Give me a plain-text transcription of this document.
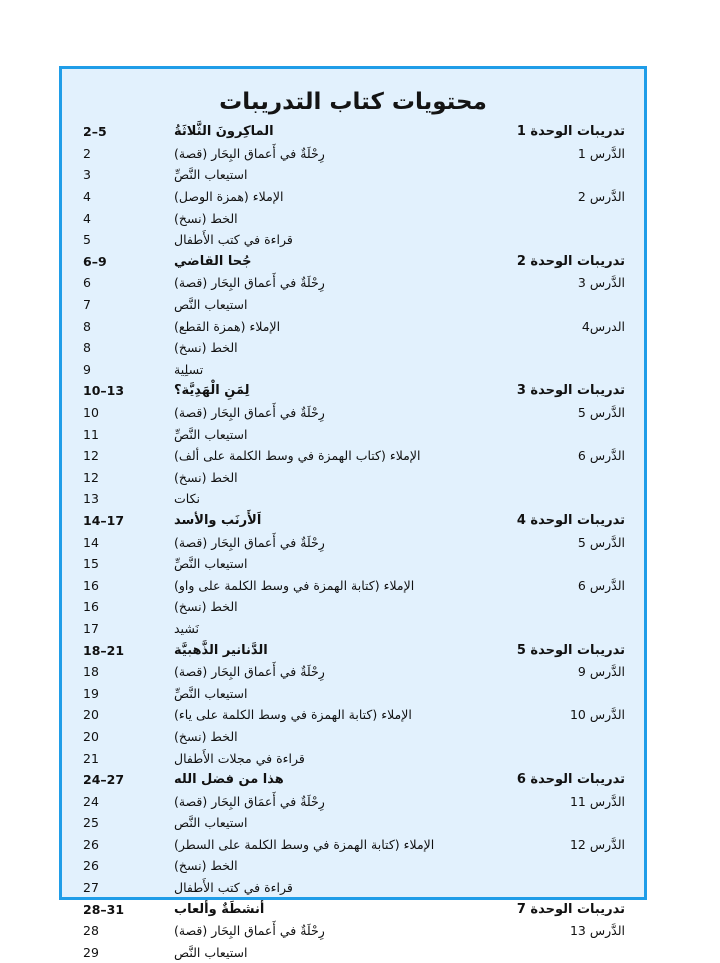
محتويات كتاب التدريبات
2–5	الماكِرونَ الثَّلاثَةُ	تدريبات الوحدة 1
2	رِحْلَةٌ في أَعماق البِحَار (قصة)	الدَّرس 1
3	استيعاب النَّصِّ
4	الإملاء (همزة الوصل)	الدَّرس 2
4	الخط (نسخ)
5	قراءة في كتب الأَطفال
6–9	جُحا القاضي	تدريبات الوحدة 2
6	رِحْلَةٌ في أَعماق البِحَار (قصة)	الدَّرس 3
7	استيعاب النَّص
8	الإملاء (همزة القطع)	الدرس4
8	الخط (نسخ)
9	تسلِية
10–13	لِمَنِ الْهَدِيَّة؟	تدريبات الوحدة 3
10	رِحْلَةٌ في أَعماق البِحَار (قصة)	الدَّرس 5
11	استيعاب النَّصِّ
12	الإملاء (كتاب الهمزة في وسط الكلمة على ألف)	الدَّرس 6
12	الخط (نسخ)
13	نكات
14–17	اَلأَرنَب والأسد	تدريبات الوحدة 4
14	رِحْلَةٌ في أَعماق البِحَار (قصة)	الدَّرس 5
15	استيعاب النَّصِّ
16	الإملاء (كتابة الهمزة في وسط الكلمة على واو)	الدَّرس 6
16	الخط (نسخ)
17	نَشيد
18–21	الدَّنانير الذَّهبيَّة	تدريبات الوحدة 5
18	رِحْلَةٌ في أَعماق البِحَار (قصة)	الدَّرس 9
19	استيعاب النَّصِّ
20	الإملاء (كتابة الهمزة في وسط الكلمة على ياء)	الدَّرس 10
20	الخط (نسخ)
21	قراءة في مجلات الأَطفال
24–27	هذا من فضل الله	تدريبات الوحدة 6
24	رِحْلَةٌ في أَعمَاق البِحَار (قصة)	الدَّرس 11
25	استيعاب النَّص
26	الإملاء (كتابة الهمزة في وسط الكلمة على السطر)	الدَّرس 12
26	الخط (نسخ)
27	قراءة في كتب الأَطفال
28–31	أنشطَةٌ وألعاب	تدريبات الوحدة 7
28	رِحْلَةٌ في أَعماق البِحَار (قصة)	الدَّرس 13
29	استيعاب النَّص
